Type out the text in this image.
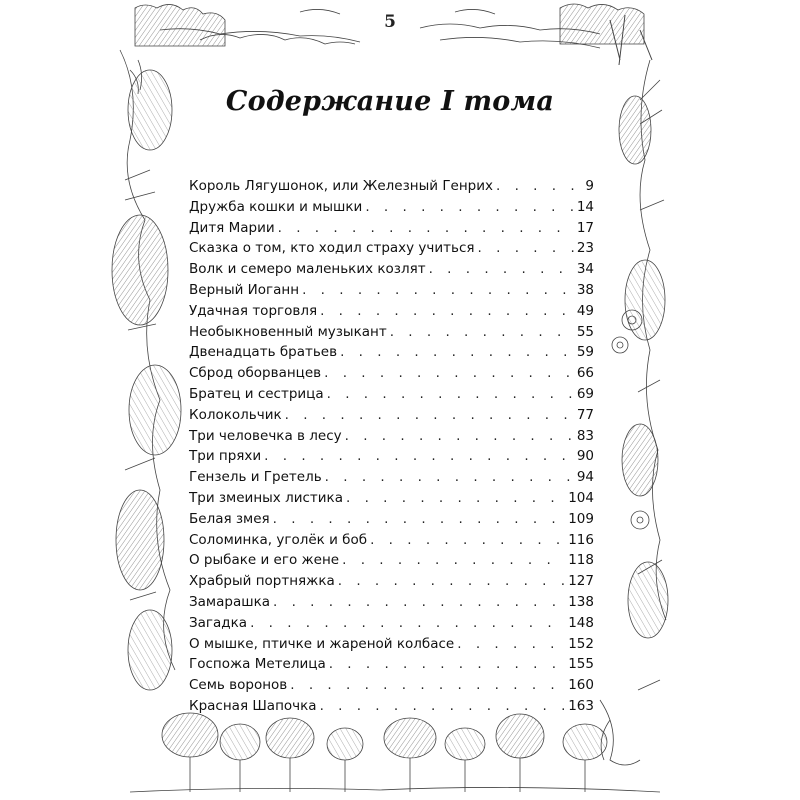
5
Содержание I тома
Король Лягушонок, или Железный Генрих . . .	9
Дружба кошки и мышки . . .	14
Дитя Марии . . .	17
Сказка о том, кто ходил страху учиться . . .	23
Волк и семеро маленьких козлят . . .	34
Верный Иоганн . . .	38
Удачная торговля . . .	49
Необыкновенный музыкант . . .	55
Двенадцать братьев . . .	59
Сброд оборванцев . . .	66
Братец и сестрица . . .	69
Колокольчик . . .	77
Три человечка в лесу . . .	83
Три пряхи . . .	90
Гензель и Гретель . . .	94
Три змеиных листика . . .	104
Белая змея . . .	109
Соломинка, уголёк и боб . . .	116
О рыбаке и его жене . . .	118
Храбрый портняжка . . .	127
Замарашка . . .	138
Загадка . . .	148
О мышке, птичке и жареной колбасе . . .	152
Госпожа Метелица . . .	155
Семь воронов . . .	160
Красная Шапочка . . .	163
